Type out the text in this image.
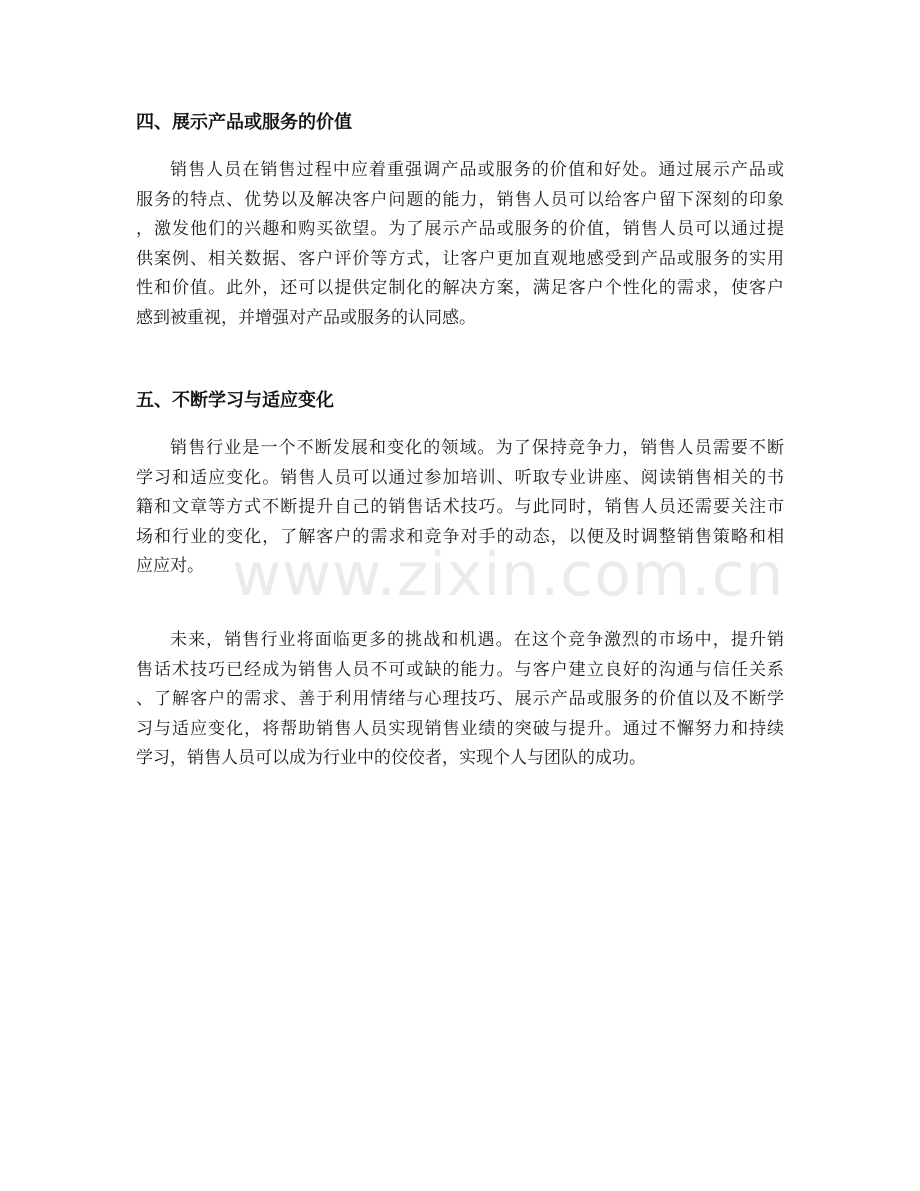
www.zixin.com.cn
四、展示产品或服务的价值
销售人员在销售过程中应着重强调产品或服务的价值和好处。通过展示产品或
服务的特点、优势以及解决客户问题的能力，销售人员可以给客户留下深刻的印象
，激发他们的兴趣和购买欲望。为了展示产品或服务的价值，销售人员可以通过提
供案例、相关数据、客户评价等方式，让客户更加直观地感受到产品或服务的实用
性和价值。此外，还可以提供定制化的解决方案，满足客户个性化的需求，使客户
感到被重视，并增强对产品或服务的认同感。
五、不断学习与适应变化
销售行业是一个不断发展和变化的领域。为了保持竞争力，销售人员需要不断
学习和适应变化。销售人员可以通过参加培训、听取专业讲座、阅读销售相关的书
籍和文章等方式不断提升自己的销售话术技巧。与此同时，销售人员还需要关注市
场和行业的变化，了解客户的需求和竞争对手的动态，以便及时调整销售策略和相
应应对。
未来，销售行业将面临更多的挑战和机遇。在这个竞争激烈的市场中，提升销
售话术技巧已经成为销售人员不可或缺的能力。与客户建立良好的沟通与信任关系
、了解客户的需求、善于利用情绪与心理技巧、展示产品或服务的价值以及不断学
习与适应变化，将帮助销售人员实现销售业绩的突破与提升。通过不懈努力和持续
学习，销售人员可以成为行业中的佼佼者，实现个人与团队的成功。
